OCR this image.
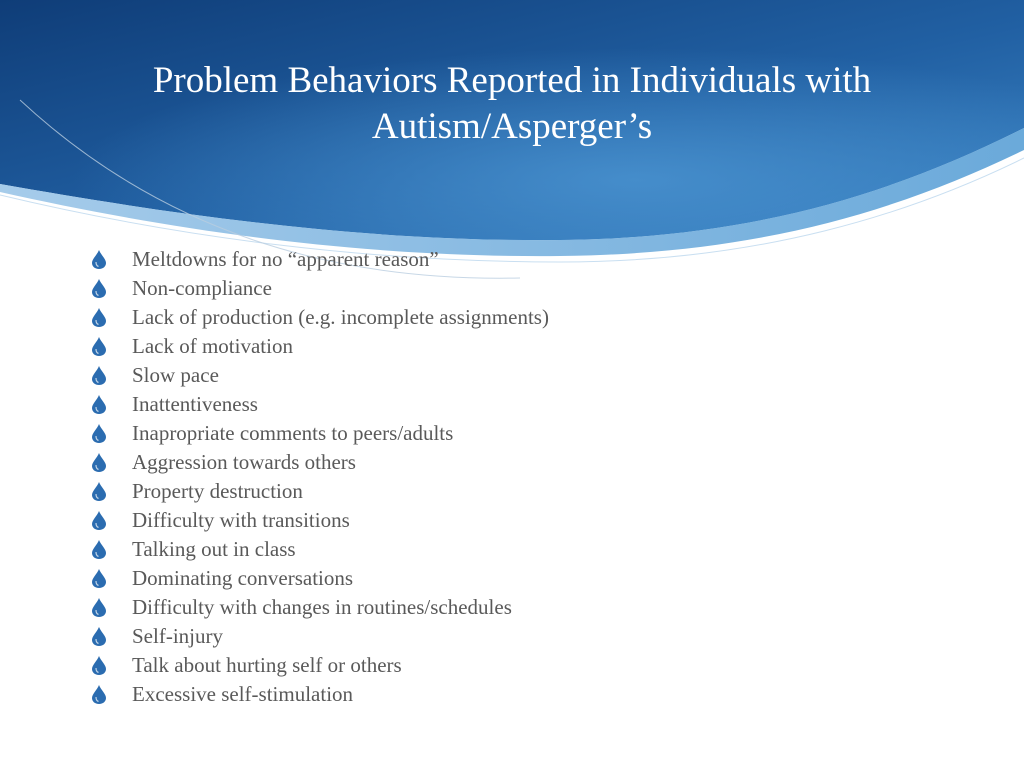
Problem Behaviors Reported in Individuals with Autism/Asperger’s
Meltdowns for no “apparent reason”
Non-compliance
Lack of production (e.g. incomplete assignments)
Lack of motivation
Slow pace
Inattentiveness
Inapropriate comments to peers/adults
Aggression towards others
Property destruction
Difficulty with transitions
Talking out in class
Dominating conversations
Difficulty with changes in routines/schedules
Self-injury
Talk about hurting self or others
Excessive self-stimulation
